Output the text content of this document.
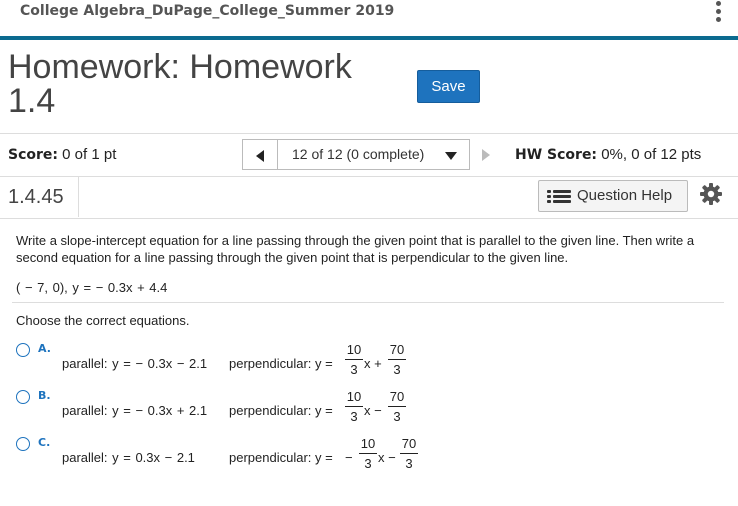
College Algebra_DuPage_College_Summer 2019
Homework: Homework 1.4	Save
Score: 0 of 1 pt	12 of 12 (0 complete)	HW Score: 0%, 0 of 12 pts
1.4.45	Question Help
Write a slope-intercept equation for a line passing through the given point that is parallel to the given line. Then write a second equation for a line passing through the given point that is perpendicular to the given line.
( − 7, 0), y = − 0.3x + 4.4
Choose the correct equations.
A.
parallel: y = − 0.3x − 2.1 perpendicular: y =
10
3 x +
70
3
B.
parallel: y = − 0.3x + 2.1 perpendicular: y =
10
3 x −
70
3
C.
parallel: y = 0.3x − 2.1	perpendicular: y = −
10
3 x −
70
3
